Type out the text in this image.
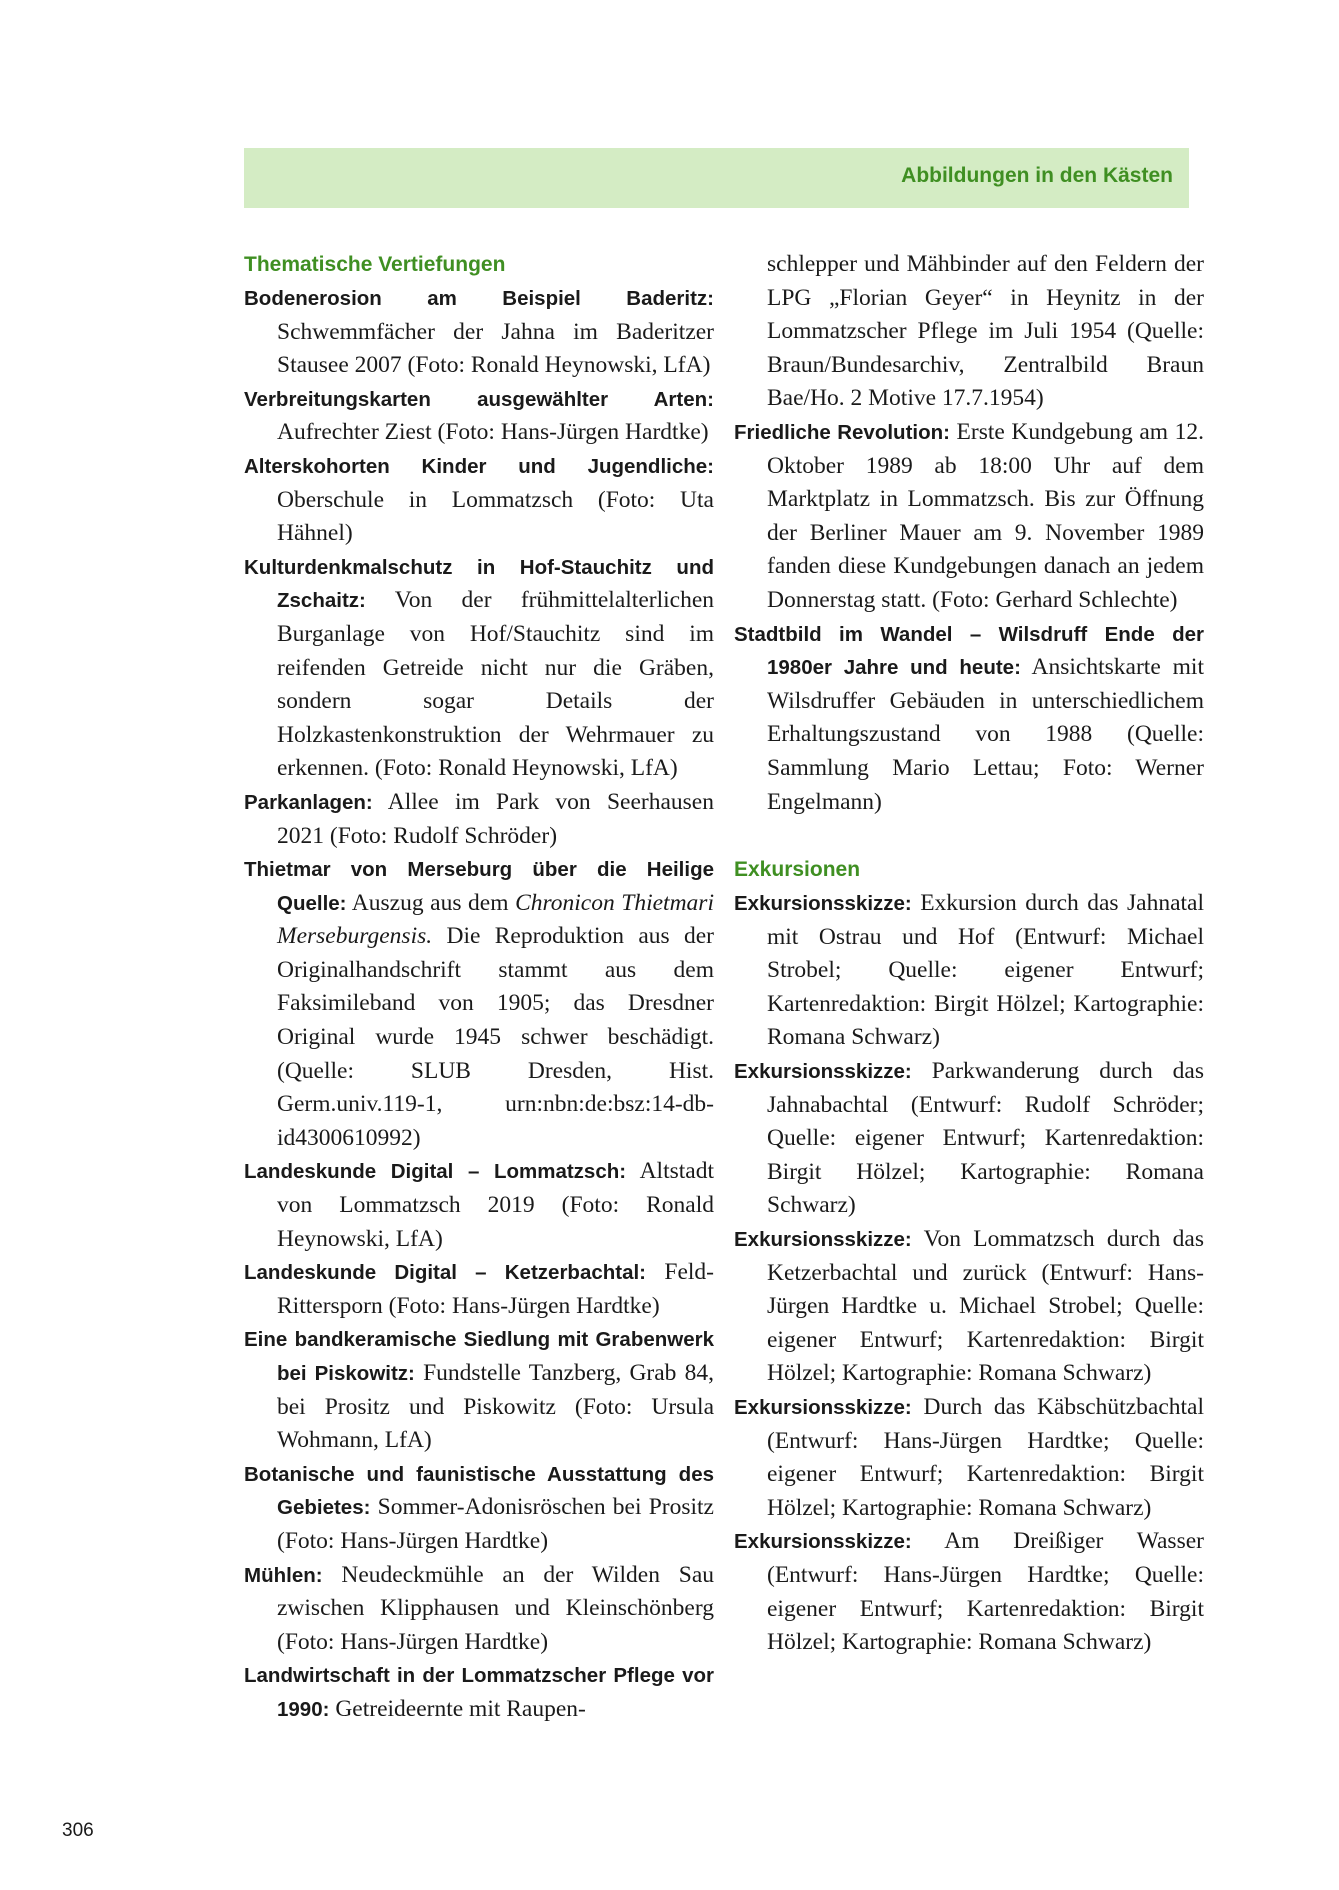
Abbildungen in den Kästen

Thematische Vertiefungen

Bodenerosion am Beispiel Baderitz: Schwemmfächer der Jahna im Baderitzer Stausee 2007 (Foto: Ronald Heynowski, LfA)

Verbreitungskarten ausgewählter Arten: Aufrechter Ziest (Foto: Hans-Jürgen Hardtke)

Alterskohorten Kinder und Jugendliche: Oberschule in Lommatzsch (Foto: Uta Hähnel)

Kulturdenkmalschutz in Hof-Stauchitz und Zschaitz: Von der frühmittelalterlichen Burganlage von Hof/Stauchitz sind im reifenden Getreide nicht nur die Gräben, sondern sogar Details der Holzkastenkonstruktion der Wehrmauer zu erkennen. (Foto: Ronald Heynowski, LfA)

Parkanlagen: Allee im Park von Seerhausen 2021 (Foto: Rudolf Schröder)

Thietmar von Merseburg über die Heilige Quelle: Auszug aus dem Chronicon Thietmari Merseburgensis. Die Reproduktion aus der Originalhandschrift stammt aus dem Faksimileband von 1905; das Dresdner Original wurde 1945 schwer beschädigt. (Quelle: SLUB Dresden, Hist. Germ.univ.119-1, urn:nbn:de:bsz:14-db-id4300610992)

Landeskunde Digital – Lommatzsch: Altstadt von Lommatzsch 2019 (Foto: Ronald Heynowski, LfA)

Landeskunde Digital – Ketzerbachtal: Feld-Rittersporn (Foto: Hans-Jürgen Hardtke)

Eine bandkeramische Siedlung mit Grabenwerk bei Piskowitz: Fundstelle Tanzberg, Grab 84, bei Prositz und Piskowitz (Foto: Ursula Wohmann, LfA)

Botanische und faunistische Ausstattung des Gebietes: Sommer-Adonisröschen bei Prositz (Foto: Hans-Jürgen Hardtke)

Mühlen: Neudeckmühle an der Wilden Sau zwischen Klipphausen und Kleinschönberg (Foto: Hans-Jürgen Hardtke)

Landwirtschaft in der Lommatzscher Pflege vor 1990: Getreideernte mit Raupen-

schlepper und Mähbinder auf den Feldern der LPG „Florian Geyer“ in Heynitz in der Lommatzscher Pflege im Juli 1954 (Quelle: Braun/Bundesarchiv, Zentralbild Braun Bae/Ho. 2 Motive 17.7.1954)

Friedliche Revolution: Erste Kundgebung am 12. Oktober 1989 ab 18:00 Uhr auf dem Marktplatz in Lommatzsch. Bis zur Öffnung der Berliner Mauer am 9. November 1989 fanden diese Kundgebungen danach an jedem Donnerstag statt. (Foto: Gerhard Schlechte)

Stadtbild im Wandel – Wilsdruff Ende der 1980er Jahre und heute: Ansichtskarte mit Wilsdruffer Gebäuden in unterschiedlichem Erhaltungszustand von 1988 (Quelle: Sammlung Mario Lettau; Foto: Werner Engelmann)

Exkursionen

Exkursionsskizze: Exkursion durch das Jahnatal mit Ostrau und Hof (Entwurf: Michael Strobel; Quelle: eigener Entwurf; Kartenredaktion: Birgit Hölzel; Kartographie: Romana Schwarz)

Exkursionsskizze: Parkwanderung durch das Jahnabachtal (Entwurf: Rudolf Schröder; Quelle: eigener Entwurf; Kartenredaktion: Birgit Hölzel; Kartographie: Romana Schwarz)

Exkursionsskizze: Von Lommatzsch durch das Ketzerbachtal und zurück (Entwurf: Hans-Jürgen Hardtke u. Michael Strobel; Quelle: eigener Entwurf; Kartenredaktion: Birgit Hölzel; Kartographie: Romana Schwarz)

Exkursionsskizze: Durch das Käbschützbachtal (Entwurf: Hans-Jürgen Hardtke; Quelle: eigener Entwurf; Kartenredaktion: Birgit Hölzel; Kartographie: Romana Schwarz)

Exkursionsskizze: Am Dreißiger Wasser (Entwurf: Hans-Jürgen Hardtke; Quelle: eigener Entwurf; Kartenredaktion: Birgit Hölzel; Kartographie: Romana Schwarz)

306
